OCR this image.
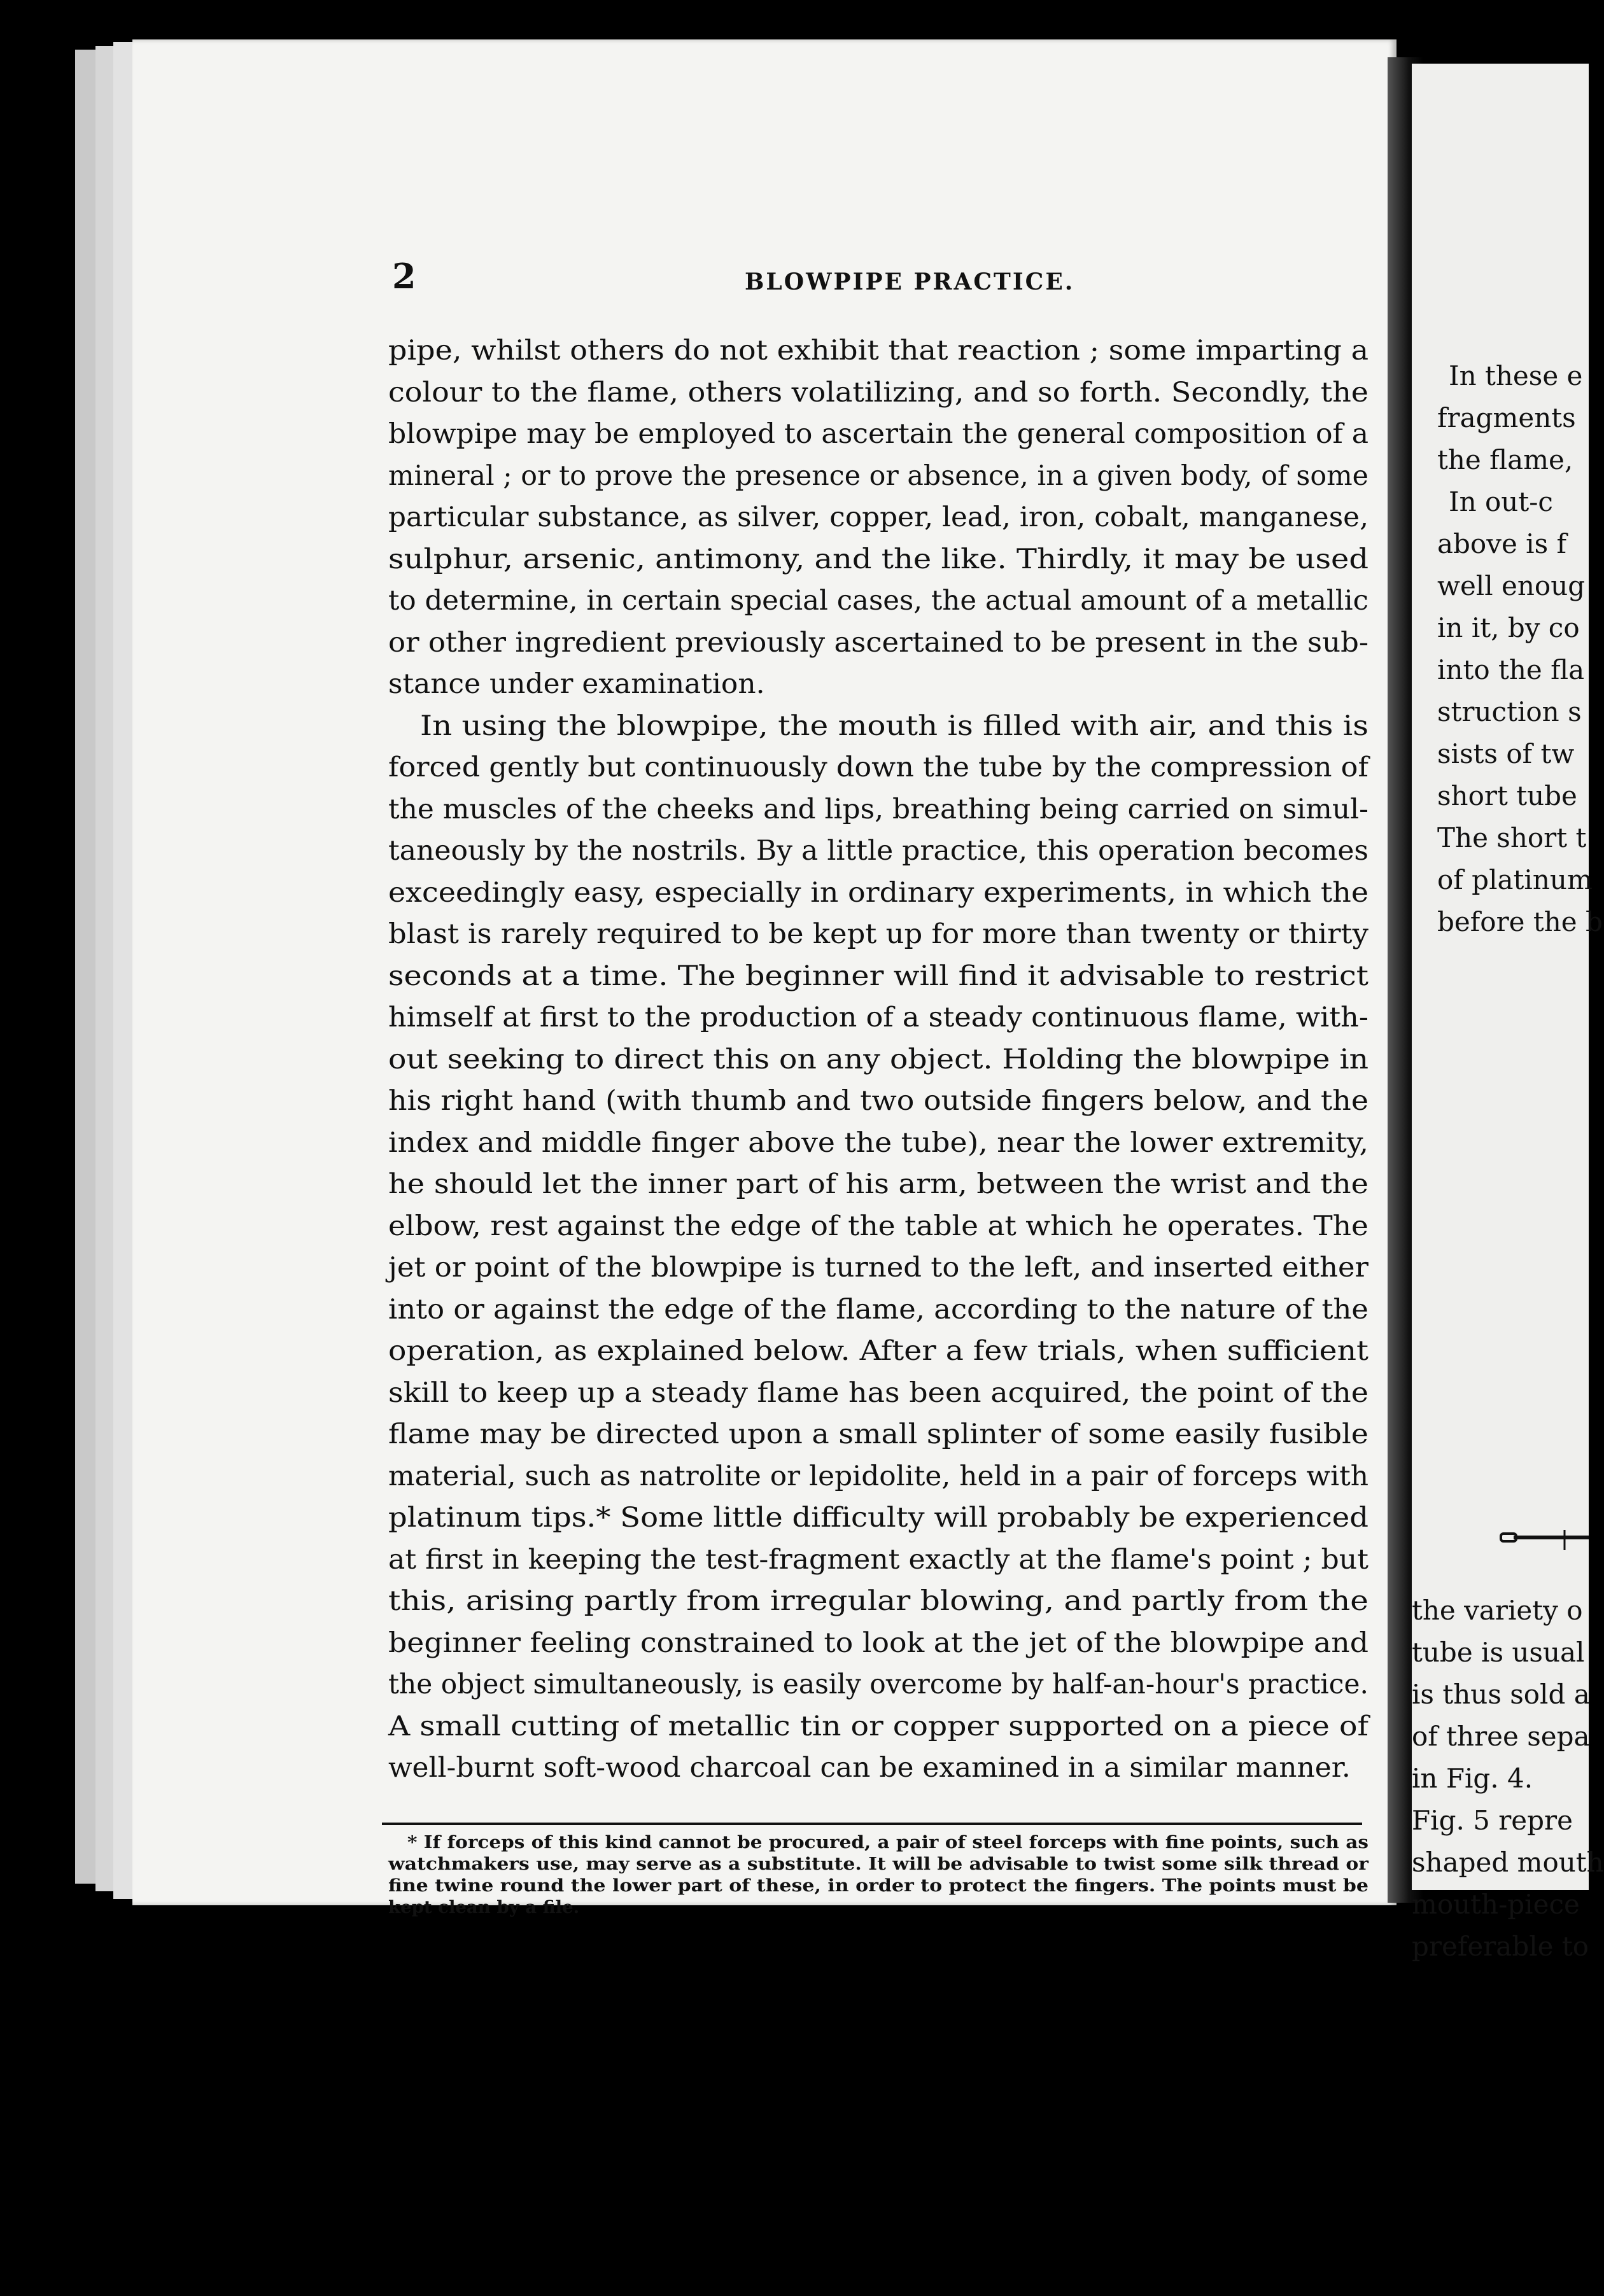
2	BLOWPIPE PRACTICE.
pipe, whilst others do not exhibit that reaction ; some imparting a
colour to the flame, others volatilizing, and so forth. Secondly, the
blowpipe may be employed to ascertain the general composition of a
mineral ; or to prove the presence or absence, in a given body, of some
particular substance, as silver, copper, lead, iron, cobalt, manganese,
sulphur, arsenic, antimony, and the like. Thirdly, it may be used
to determine, in certain special cases, the actual amount of a metallic
or other ingredient previously ascertained to be present in the sub-
stance under examination.
In using the blowpipe, the mouth is filled with air, and this is
forced gently but continuously down the tube by the compression of
the muscles of the cheeks and lips, breathing being carried on simul-
taneously by the nostrils. By a little practice, this operation becomes
exceedingly easy, especially in ordinary experiments, in which the
blast is rarely required to be kept up for more than twenty or thirty
seconds at a time. The beginner will find it advisable to restrict
himself at first to the production of a steady continuous flame, with-
out seeking to direct this on any object. Holding the blowpipe in
his right hand (with thumb and two outside fingers below, and the
index and middle finger above the tube), near the lower extremity,
he should let the inner part of his arm, between the wrist and the
elbow, rest against the edge of the table at which he operates. The
jet or point of the blowpipe is turned to the left, and inserted either
into or against the edge of the flame, according to the nature of the
operation, as explained below. After a few trials, when sufficient
skill to keep up a steady flame has been acquired, the point of the
flame may be directed upon a small splinter of some easily fusible
material, such as natrolite or lepidolite, held in a pair of forceps with
platinum tips.* Some little difficulty will probably be experienced
at first in keeping the test-fragment exactly at the flame's point ; but
this, arising partly from irregular blowing, and partly from the
beginner feeling constrained to look at the jet of the blowpipe and
the object simultaneously, is easily overcome by half-an-hour's practice.
A small cutting of metallic tin or copper supported on a piece of
well-burnt soft-wood charcoal can be examined in a similar manner.
* If forceps of this kind cannot be procured, a pair of steel forceps with fine points, such as
watchmakers use, may serve as a substitute. It will be advisable to twist some silk thread or
fine twine round the lower part of these, in order to protect the fingers. The points must be
kept clean by a file.
In these e
fragments
the flame,
In out-c
above is f
well enoug
in it, by co
into the fla
struction s
sists of tw
short tube
The short t
of platinum
before the b
the variety o
tube is usual
is thus sold a
of three sepa
in Fig. 4.
Fig. 5 repre
shaped mouth
mouth-piece
preferable to
